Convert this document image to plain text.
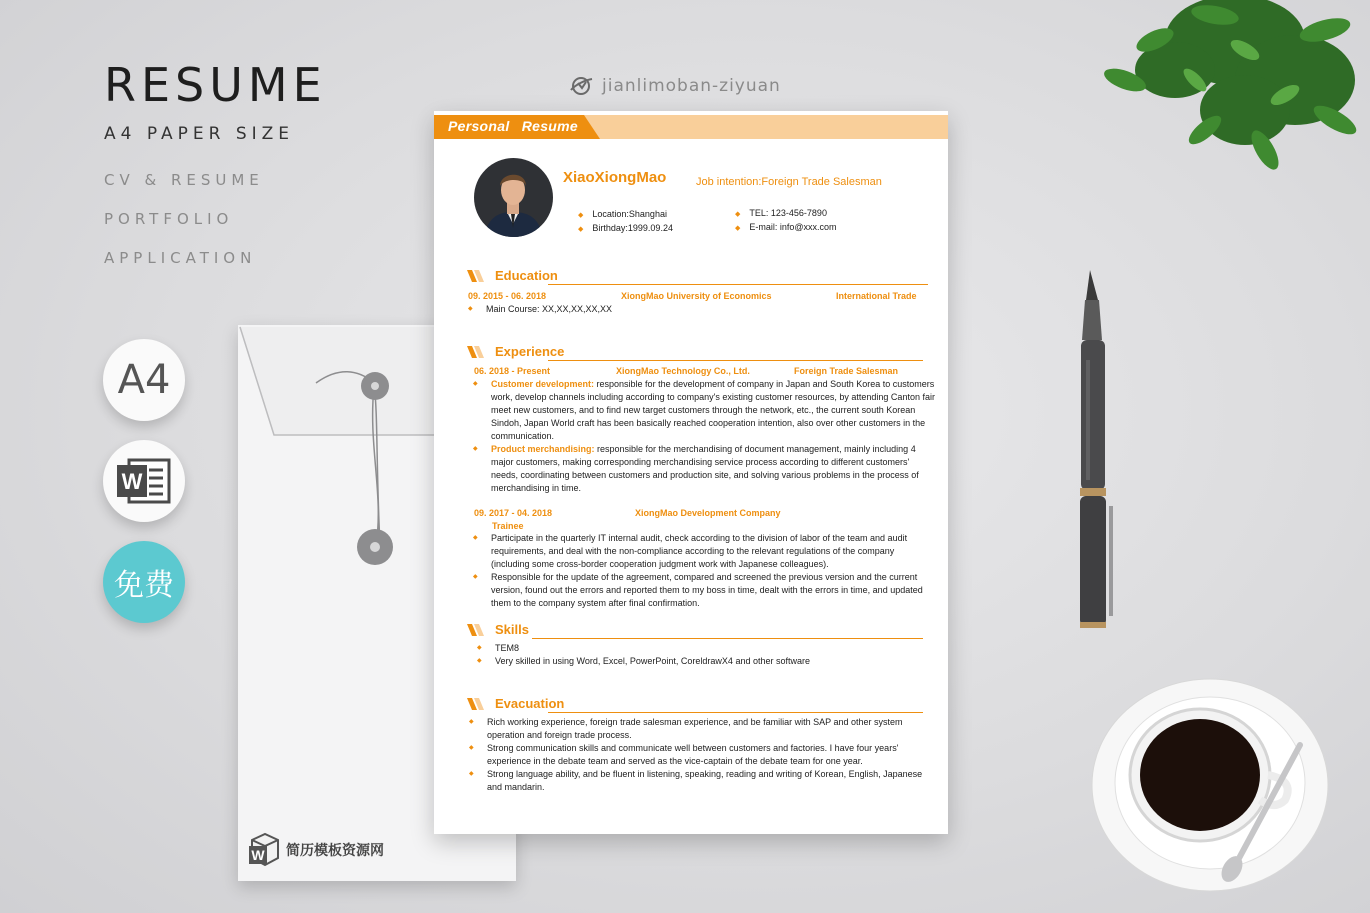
RESUME
A4 PAPER SIZE
CV & RESUME
PORTFOLIO
APPLICATION
A4
W
免费
jianlimoban-ziyuan
W 简历模板资源网
Personal Resume
XiaoXiongMao	Job intention:Foreign Trade Salesman
◆ Location:Shanghai
◆ Birthday:1999.09.24
◆ TEL: 123-456-7890
◆ E-mail: info@xxx.com
Education
09. 2015 - 06. 2018	XiongMao University of Economics	International Trade
◆ Main Course: XX,XX,XX,XX,XX
Experience
06. 2018 - Present	XiongMao Technology Co., Ltd.	Foreign Trade Salesman
◆ Customer development: responsible for the development of company in Japan and South Korea to customers work, develop channels including according to company's existing customer resources, by attending Canton fair meet new customers, and to find new target customers through the network, etc., the current south Korean Sindoh, Japan World craft has been basically reached cooperation intention, also over other customers in the communication.
◆ Product merchandising: responsible for the merchandising of document management, mainly including 4 major customers, making corresponding merchandising service process according to different customers' needs, coordinating between customers and production site, and solving various problems in the process of merchandising in time.
09. 2017 - 04. 2018	XiongMao Development Company
Trainee
◆ Participate in the quarterly IT internal audit, check according to the division of labor of the team and audit requirements, and deal with the non-compliance according to the relevant regulations of the company (including some cross-border cooperation judgment work with Japanese colleagues).
◆ Responsible for the update of the agreement, compared and screened the previous version and the current version, found out the errors and reported them to my boss in time, dealt with the errors in time, and updated them to the company system after final confirmation.
Skills
◆ TEM8
◆ Very skilled in using Word, Excel, PowerPoint, CoreldrawX4 and other software
Evacuation
◆ Rich working experience, foreign trade salesman experience, and be familiar with SAP and other system operation and foreign trade process.
◆ Strong communication skills and communicate well between customers and factories. I have four years' experience in the debate team and served as the vice-captain of the debate team for one year.
◆ Strong language ability, and be fluent in listening, speaking, reading and writing of Korean, English, Japanese and mandarin.
